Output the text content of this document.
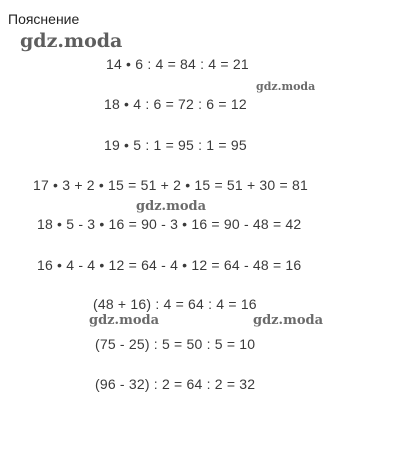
Пояснение
gdz.moda
14 • 6 : 4 = 84 : 4 = 21
gdz.moda
18 • 4 : 6 = 72 : 6 = 12
19 • 5 : 1 = 95 : 1 = 95
17 • 3 + 2 • 15 = 51 + 2 • 15 = 51 + 30 = 81
gdz.moda
18 • 5 - 3 • 16 = 90 - 3 • 16 = 90 - 48 = 42
16 • 4 - 4 • 12 = 64 - 4 • 12 = 64 - 48 = 16
(48 + 16) : 4 = 64 : 4 = 16
gdz.moda	gdz.moda
(75 - 25) : 5 = 50 : 5 = 10
(96 - 32) : 2 = 64 : 2 = 32
